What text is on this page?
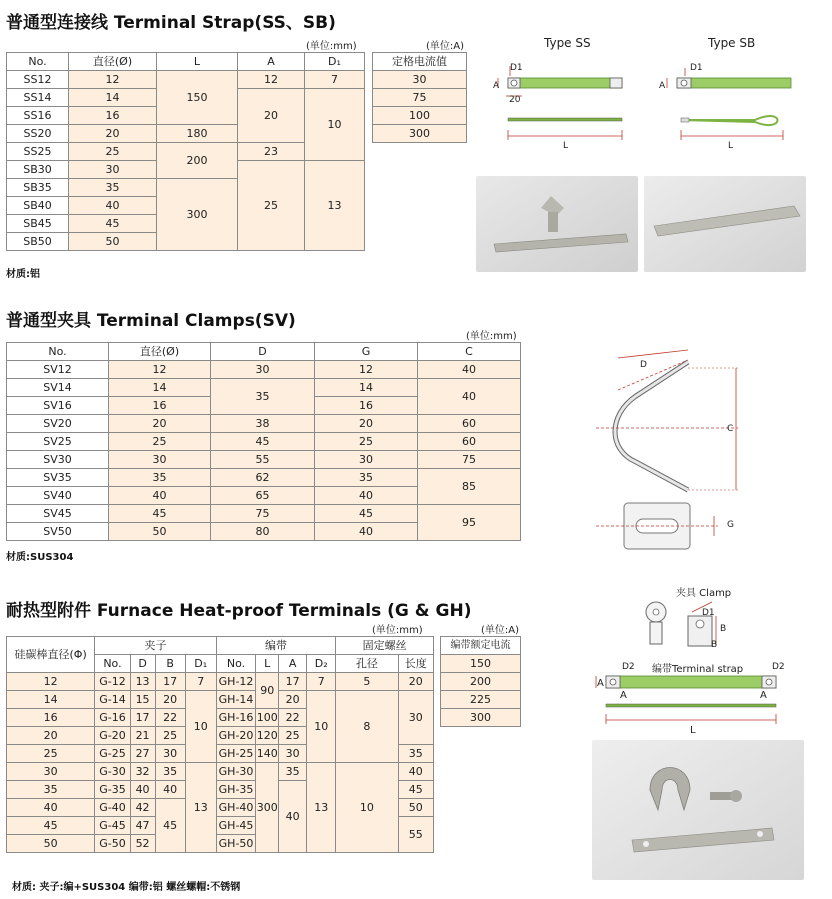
普通型连接线 Terminal Strap(SS、SB)
(单位:mm)	(单位:A)
No.	直径(Ø)	L	A	D₁
SS12	12	150	12	7
SS14	14		20	10
SS16	16			
SS20	20	180		
SS25	25	200	23	
SB30	30		25	13
SB35	35	300		
SB40	40			
SB45	45			
SB50	50			
定格电流值
30
75

100
300

材质:铝
Type SS	Type SB
D1
A
20
L
D1
A
L
普通型夹具 Terminal Clamps(SV)
(单位:mm)
No.	直径(Ø)	D	G	C
SV12	12	30	12	40
SV14	14	35	14	40
SV16	16		16	
SV20	20	38	20	60
SV25	25	45	25	60
SV30	30	55	30	75
SV35	35	62	35	85
SV40	40	65	40	
SV45	45	75	45	95
SV50	50	80	40	
材质:SUS304
D
C
G
耐热型附件 Furnace Heat-proof Terminals (G & GH)
(单位:mm)	(单位:A)
硅碳棒直径(Φ)	夹子				编带				固定螺丝	
	No.	D	B	D₁	No.	L	A	D₂	孔径	长度
12	G-12	13	17	7	GH-12	90	17	7	5	20
14	G-14	15	20	10	GH-14		20	10	8	30
16	G-16	17	22		GH-16	100	22			
20	G-20	21	25		GH-20	120	25			
25	G-25	27	30		GH-25	140	30			35
30	G-30	32	35	13	GH-30	300	35	13	10	40
35	G-35	40	40		GH-35		40			45
40	G-40	42	45		GH-40					50
45	G-45	47			GH-45					55
50	G-50	52			GH-50					
编带额定电流

150

200
225
300

材质: 夹子:编+SUS304 编带:铝 螺丝螺帽:不锈钢
夹具 Clamp
D1
B
B
编带Terminal strap
D2	D2
A
A	A
L
